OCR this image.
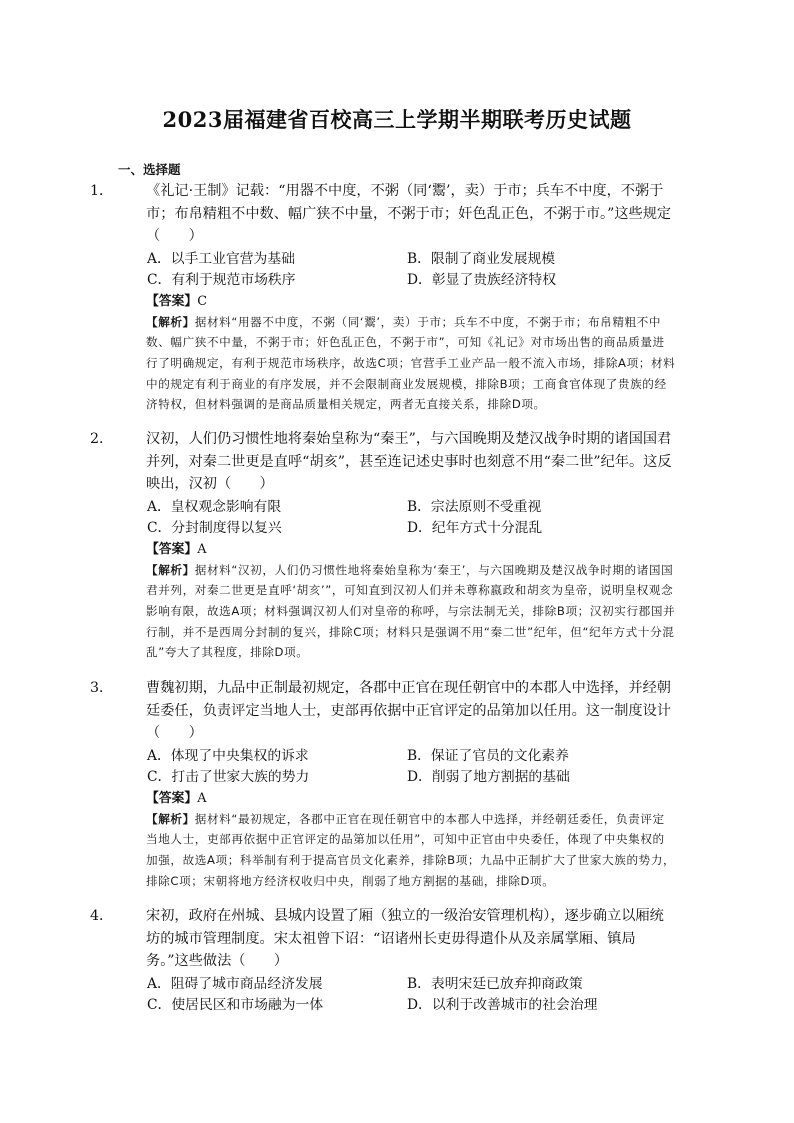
2023届福建省百校高三上学期半期联考历史试题
一、选择题
1． 《礼记·王制》记载：“用器不中度，不粥（同‘鬻’，卖）于市；兵车不中度，不粥于市；布帛精粗不中数、幅广狭不中量，不粥于市；奸色乱正色，不粥于市。”这些规定（　　）
A．以手工业官营为基础	B．限制了商业发展规模
C．有利于规范市场秩序	D．彰显了贵族经济特权
【答案】C
【解析】据材料“用器不中度，不粥（同‘鬻’，卖）于市；兵车不中度，不粥于市；布帛精粗不中数、幅广狭不中量，不粥于市；奸色乱正色，不粥于市”，可知《礼记》对市场出售的商品质量进行了明确规定，有利于规范市场秩序，故选C项；官营手工业产品一般不流入市场，排除A项；材料中的规定有利于商业的有序发展，并不会限制商业发展规模，排除B项；工商食官体现了贵族的经济特权，但材料强调的是商品质量相关规定，两者无直接关系，排除D项。
2． 汉初，人们仍习惯性地将秦始皇称为“秦王”，与六国晚期及楚汉战争时期的诸国国君并列，对秦二世更是直呼“胡亥”，甚至连记述史事时也刻意不用“秦二世”纪年。这反映出，汉初（　　）
A．皇权观念影响有限	B．宗法原则不受重视
C．分封制度得以复兴	D．纪年方式十分混乱
【答案】A
【解析】据材料“汉初，人们仍习惯性地将秦始皇称为‘秦王’，与六国晚期及楚汉战争时期的诸国国君并列，对秦二世更是直呼‘胡亥’”，可知直到汉初人们并未尊称嬴政和胡亥为皇帝，说明皇权观念影响有限，故选A项；材料强调汉初人们对皇帝的称呼，与宗法制无关，排除B项；汉初实行郡国并行制，并不是西周分封制的复兴，排除C项；材料只是强调不用“秦二世”纪年，但“纪年方式十分混乱”夸大了其程度，排除D项。
3． 曹魏初期，九品中正制最初规定，各郡中正官在现任朝官中的本郡人中选择，并经朝廷委任，负责评定当地人士，吏部再依据中正官评定的品第加以任用。这一制度设计（　　）
A．体现了中央集权的诉求	B．保证了官员的文化素养
C．打击了世家大族的势力	D．削弱了地方割据的基础
【答案】A
【解析】据材料“最初规定，各郡中正官在现任朝官中的本郡人中选择，并经朝廷委任，负责评定当地人士，吏部再依据中正官评定的品第加以任用”，可知中正官由中央委任，体现了中央集权的加强，故选A项；科举制有利于提高官员文化素养，排除B项；九品中正制扩大了世家大族的势力，排除C项；宋朝将地方经济权收归中央，削弱了地方割据的基础，排除D项。
4． 宋初，政府在州城、县城内设置了厢（独立的一级治安管理机构），逐步确立以厢统坊的城市管理制度。宋太祖曾下诏：“诏诸州长吏毋得遣仆从及亲属掌厢、镇局务。”这些做法（　　）
A．阻碍了城市商品经济发展	B．表明宋廷已放弃抑商政策
C．使居民区和市场融为一体	D．以利于改善城市的社会治理
